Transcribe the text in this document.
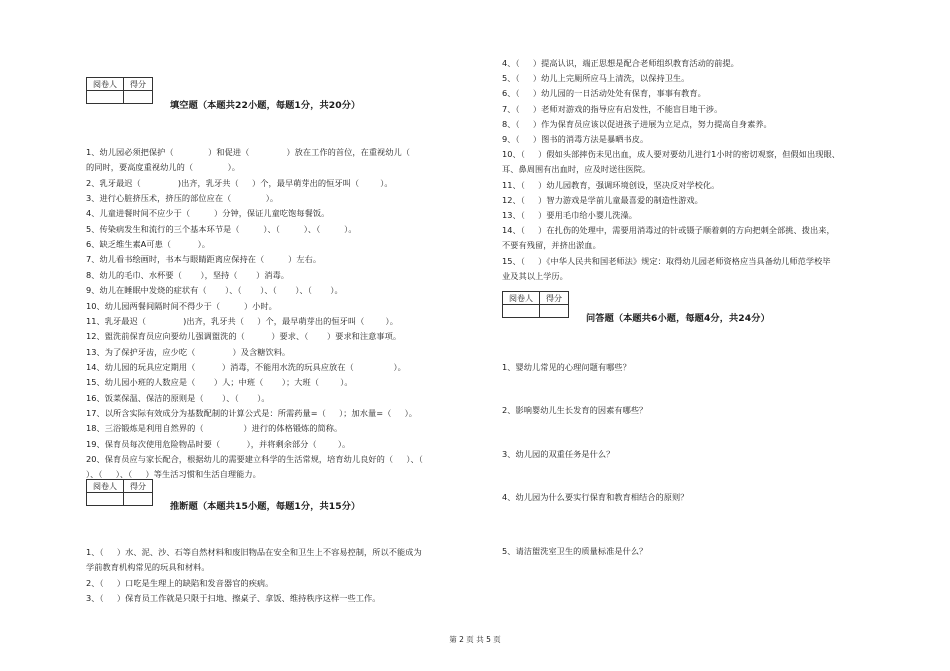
阅卷人	得分

填空题（本题共22小题，每题1分，共20分）
1、幼儿园必须把保护（             ）和促进（              ）放在工作的首位，在重视幼儿（
的同时，要高度重视幼儿的（             ）。
2、乳牙最迟（              )出齐，乳牙共（     ）个，最早萌芽出的恒牙叫（        ）。
3、进行心脏挤压术，挤压的部位应在（             ）。
4、儿童进餐时间不应少于（         ）分钟，保证儿童吃饱每餐饭。
5、传染病发生和流行的三个基本环节是（         ）、（         ）、（         ）。
6、缺乏维生素A可患（          ）。
7、幼儿看书绘画时，书本与眼睛距离应保持在（         ）左右。
8、幼儿的毛巾、水杯要（       ），坚持（       ）消毒。
9、幼儿在睡眠中发烧的症状有（       ）、（       ）、（       ）、（       ）。
10、幼儿园两餐间隔时间不得少于（         ）小时。
11、乳牙最迟（              )出齐，乳牙共（     ）个，最早萌芽出的恒牙叫（        ）。
12、盥洗前保育员应向要幼儿强调盥洗的（          ）要求、（       ）要求和注意事项。
13、为了保护牙齿，应少吃（              ）及含糖饮料。
14、幼儿园的玩具应定期用（          ）消毒，不能用水洗的玩具应放在（               ）。
15、幼儿园小班的人数应是（       ）人；中班（       ）；大班（        ）。
16、饭菜保温、保洁的原则是（       ）、（       ）。
17、以所含实际有效成分为基数配制的计算公式是：所需药量=（     ）；加水量=（     ）。
18、三浴锻炼是利用自然界的（               ）进行的体格锻炼的简称。
19、保育员每次使用危险物品时要（          ），并将剩余部分（        ）。
20、保育员应与家长配合，根据幼儿的需要建立科学的生活常规，培育幼儿良好的（     ）、（
）、（     ）、（     ）等生活习惯和生活自理能力。
阅卷人	得分

推断题（本题共15小题，每题1分，共15分）
1、（     ）水、泥、沙、石等自然材料和废旧物品在安全和卫生上不容易控制，所以不能成为
学前教育机构常见的玩具和材料。
2、（     ）口吃是生理上的缺陷和发音器官的疾病。
3、（     ）保育员工作就是只限于扫地、擦桌子、拿饭、维持秩序这样一些工作。
4、（     ）提高认识，端正思想是配合老师组织教育活动的前提。
5、（     ）幼儿上完厕所应马上清洗，以保持卫生。
6、（     ）幼儿园的一日活动处处有保育，事事有教育。
7、（     ）老师对游戏的指导应有启发性，不能盲目地干涉。
8、（     ）作为保育员应该以促进孩子进展为立足点，努力提高自身素养。
9、（     ）图书的消毒方法是暴晒书皮。
10、（     ）假如头部摔伤未见出血，成人要对要幼儿进行1小时的密切观察，但假如出现眼、
耳、鼻周围有出血时，应及时送往医院。
11、（     ）幼儿园教育，强调环境创设，坚决反对学校化。
12、（     ）智力游戏是学前儿童最喜爱的制造性游戏。
13、（     ）要用毛巾给小婴儿洗澡。
14、（     ）在扎伤的处理中，需要用消毒过的针或镊子顺着刺的方向把刺全部挑、拨出来，
不要有残留，并挤出淤血。
15、（     ）《中华人民共和国老师法》规定：取得幼儿园老师资格应当具备幼儿师范学校毕
业及其以上学历。
阅卷人	得分

问答题（本题共6小题，每题4分，共24分）
1、婴幼儿常见的心理问题有哪些？
2、影响婴幼儿生长发育的因素有哪些？
3、幼儿园的双重任务是什么？
4、幼儿园为什么要实行保育和教育相结合的原则？
5、请洁盥洗室卫生的质量标准是什么？
第 2 页 共 5 页
